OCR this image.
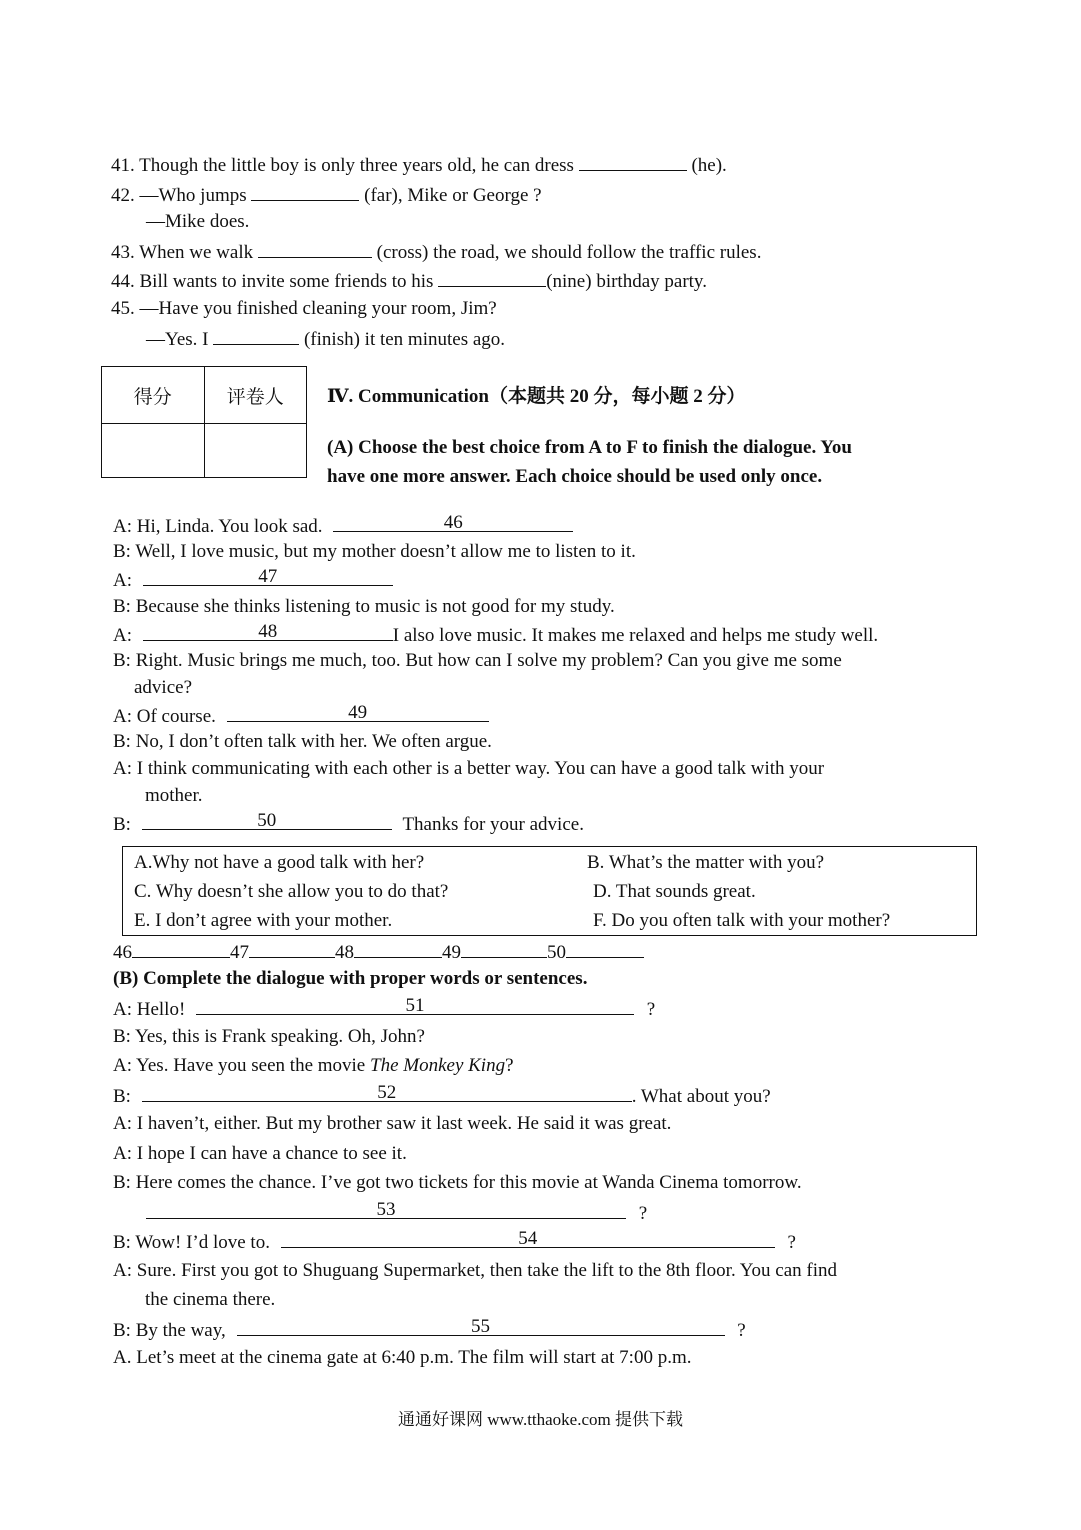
41. Though the little boy is only three years old, he can dress	(he).
42. —Who jumps	(far), Mike or George ?
—Mike does.
43. When we walk	(cross) the road, we should follow the traffic rules.
44. Bill wants to invite some friends to his	(nine) birthday party.
45. —Have you finished cleaning your room, Jim?
—Yes. I	(finish) it ten minutes ago.
得分	评卷人
	Ⅳ. Communication（本题共 20 分，每小题 2 分）
(A) Choose the best choice from A to F to finish the dialogue. You
have one more answer. Each choice should be used only once.
A: Hi, Linda. You look sad.	46
B: Well, I love music, but my mother doesn’t allow me to listen to it.
A:	47
B: Because she thinks listening to music is not good for my study.
A:	48	I also love music. It makes me relaxed and helps me study well.
B: Right. Music brings me much, too. But how can I solve my problem? Can you give me some
advice?
A: Of course.	49
B: No, I don’t often talk with her. We often argue.
A: I think communicating with each other is a better way. You can have a good talk with your
mother.
B:	50	Thanks for your advice.
A.Why not have a good talk with her?	B. What’s the matter with you?
C. Why doesn’t she allow you to do that?	D. That sounds great.
E. I don’t agree with your mother.	F. Do you often talk with your mother?
46	47	48	49	50
(B) Complete the dialogue with proper words or sentences.
A: Hello!	51	?
B: Yes, this is Frank speaking. Oh, John?
A: Yes. Have you seen the movie The Monkey King?
B:	52	. What about you?
A: I haven’t, either. But my brother saw it last week. He said it was great.
A: I hope I can have a chance to see it.
B: Here comes the chance. I’ve got two tickets for this movie at Wanda Cinema tomorrow.
53	?
B: Wow! I’d love to.	54	?
A: Sure. First you got to Shuguang Supermarket, then take the lift to the 8th floor. You can find
the cinema there.
B: By the way,	55	?
A. Let’s meet at the cinema gate at 6:40 p.m. The film will start at 7:00 p.m.
通通好课网 www.tthaoke.com 提供下载
